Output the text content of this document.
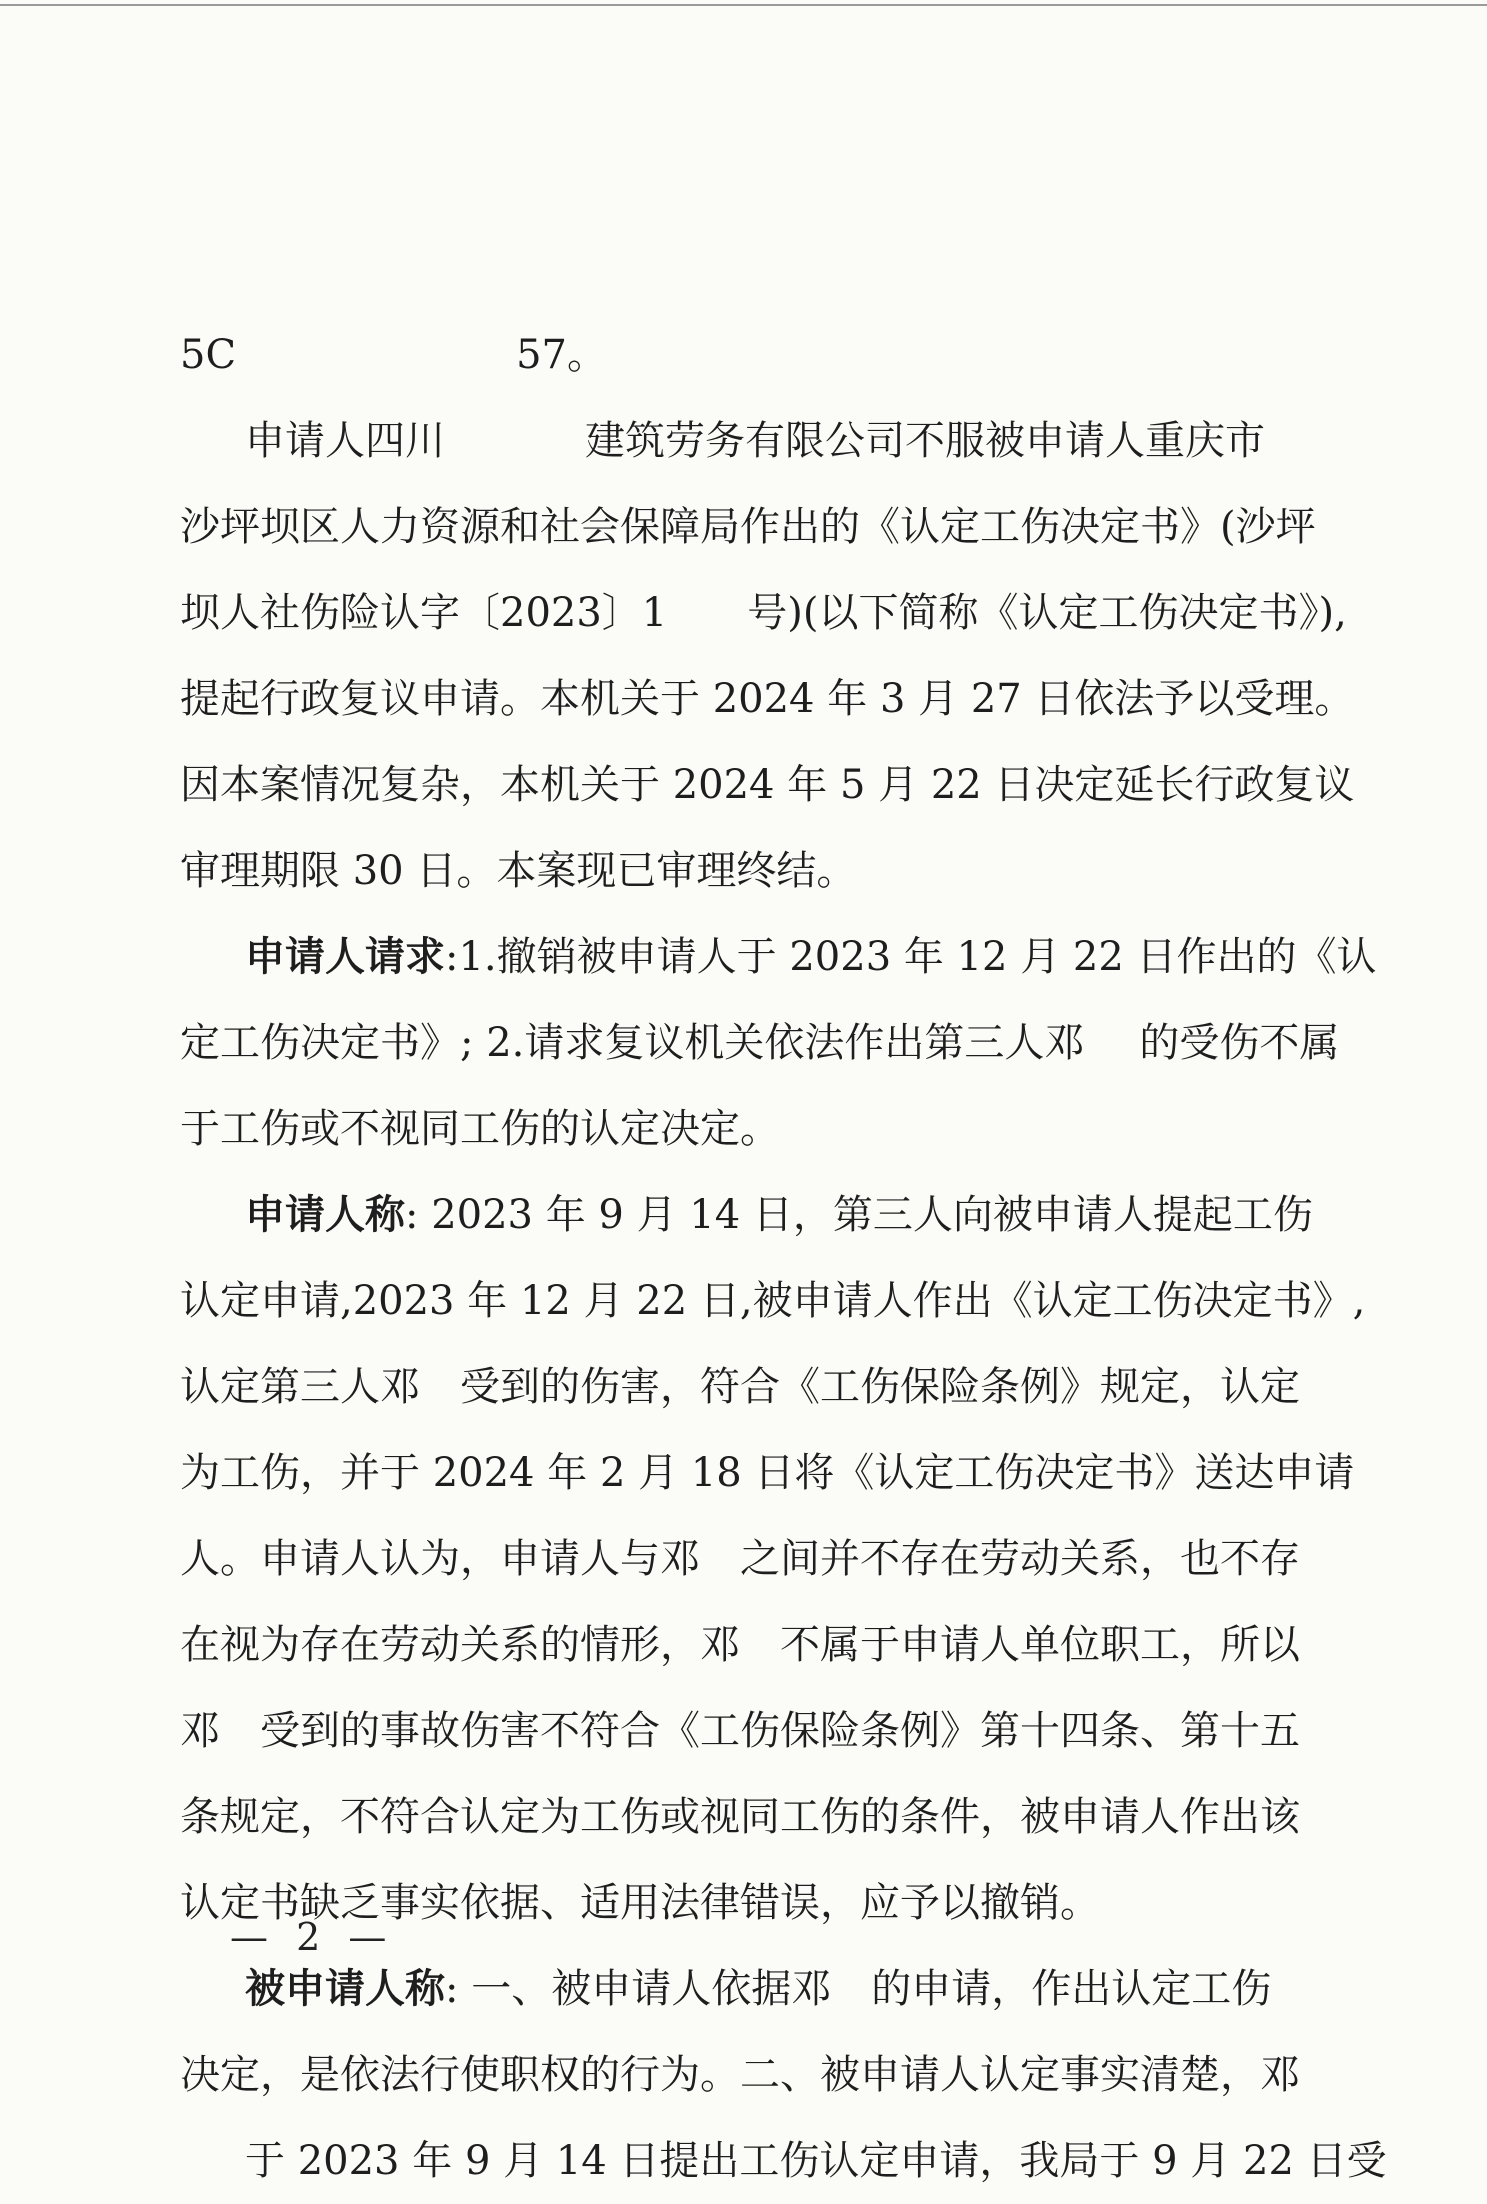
5C	57。
申请人四川	建筑劳务有限公司不服被申请人重庆市
沙坪坝区人力资源和社会保障局作出的《认定工伤决定书》(沙坪
坝人社伤险认字〔2023〕1 号)(以下简称《认定工伤决定书》),
提起行政复议申请。本机关于 2024 年 3 月 27 日依法予以受理。
因本案情况复杂，本机关于 2024 年 5 月 22 日决定延长行政复议
审理期限 30 日。本案现已审理终结。
申请人请求:1.撤销被申请人于 2023 年 12 月 22 日作出的《认
定工伤决定书》; 2.请求复议机关依法作出第三人邓 的受伤不属
于工伤或不视同工伤的认定决定。
申请人称: 2023 年 9 月 14 日，第三人向被申请人提起工伤
认定申请,2023 年 12 月 22 日,被申请人作出《认定工伤决定书》,
认定第三人邓 受到的伤害，符合《工伤保险条例》规定，认定
为工伤，并于 2024 年 2 月 18 日将《认定工伤决定书》送达申请
人。申请人认为，申请人与邓 之间并不存在劳动关系，也不存
在视为存在劳动关系的情形，邓 不属于申请人单位职工，所以
邓 受到的事故伤害不符合《工伤保险条例》第十四条、第十五
条规定，不符合认定为工伤或视同工伤的条件，被申请人作出该
认定书缺乏事实依据、适用法律错误，应予以撤销。
被申请人称: 一、被申请人依据邓 的申请，作出认定工伤
决定，是依法行使职权的行为。二、被申请人认定事实清楚，邓
于 2023 年 9 月 14 日提出工伤认定申请，我局于 9 月 22 日受
— 2 —
